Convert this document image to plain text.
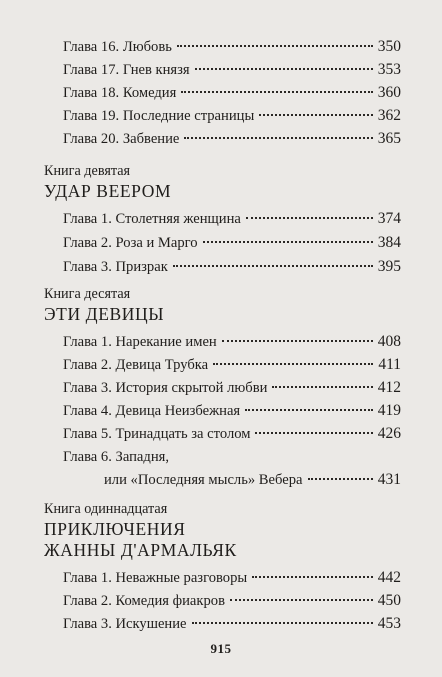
Глава 16. Любовь	350
Глава 17. Гнев князя	353
Глава 18. Комедия	360
Глава 19. Последние страницы	362
Глава 20. Забвение	365
Книга девятая
УДАР ВЕЕРОМ
Глава 1. Столетняя женщина	374
Глава 2. Роза и Марго	384
Глава 3. Призрак	395
Книга десятая
ЭТИ ДЕВИЦЫ
Глава 1. Нарекание имен	408
Глава 2. Девица Трубка	411
Глава 3. История скрытой любви	412
Глава 4. Девица Неизбежная	419
Глава 5. Тринадцать за столом	426
Глава 6. Западня,
или «Последняя мысль» Вебера	431
Книга одиннадцатая
ПРИКЛЮЧЕНИЯ
ЖАННЫ Д'АРМАЛЬЯК
Глава 1. Неважные разговоры	442
Глава 2. Комедия фиакров	450
Глава 3. Искушение	453
915
